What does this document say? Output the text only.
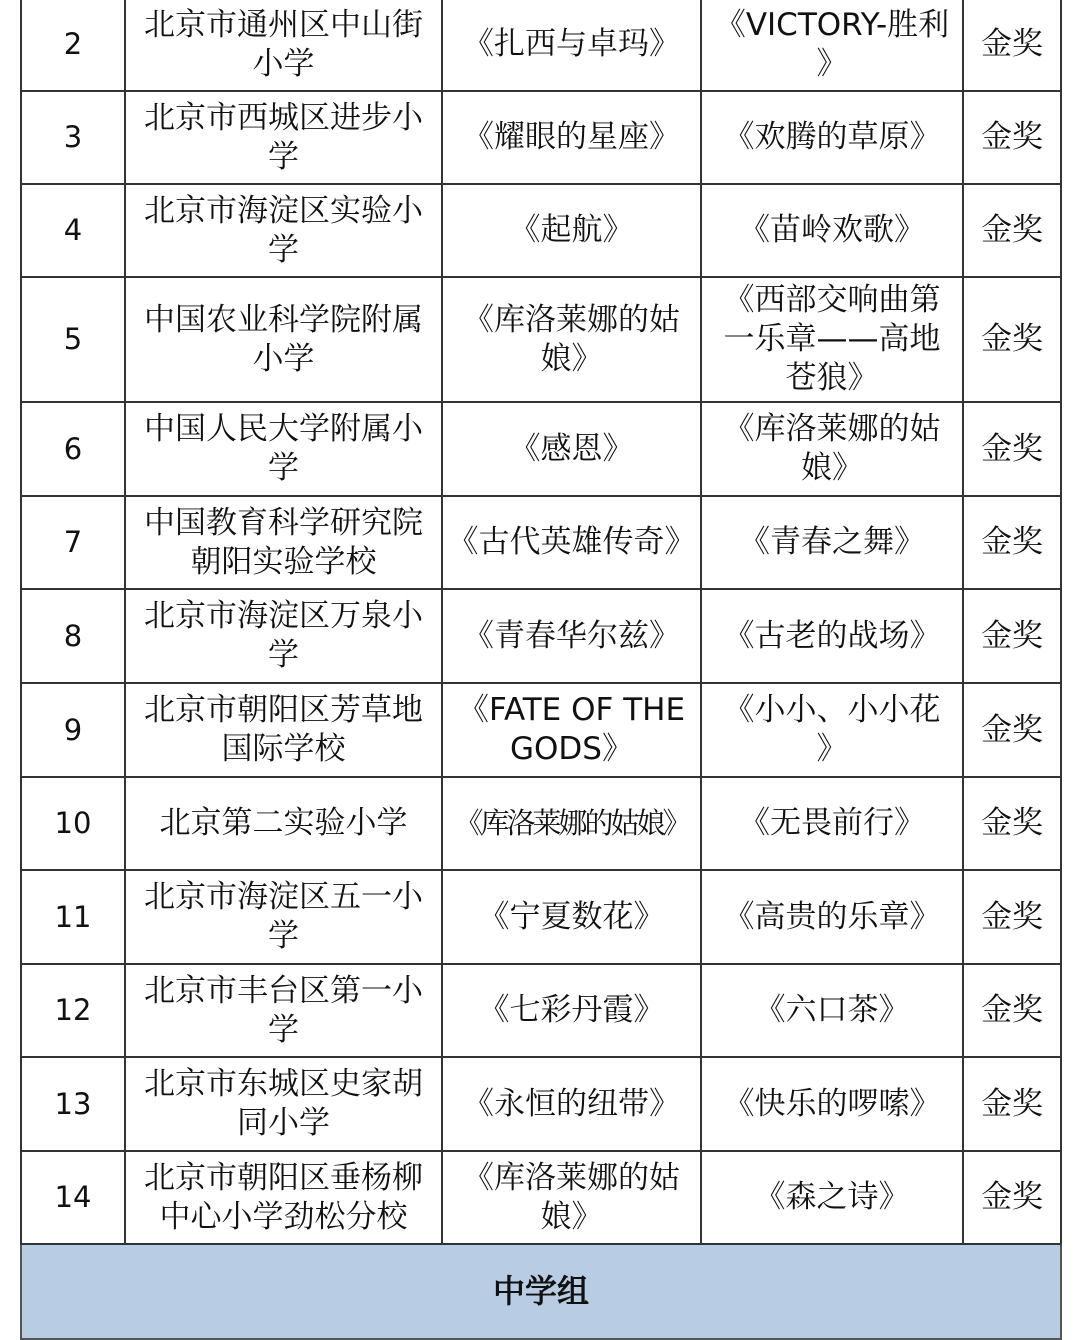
2	北京市通州区中山街
小学	《扎西与卓玛》	《VICTORY-胜利
》	金奖
3	北京市西城区进步小
学	《耀眼的星座》	《欢腾的草原》	金奖
4	北京市海淀区实验小
学	《起航》	《苗岭欢歌》	金奖
5	中国农业科学院附属
小学	《库洛莱娜的姑
娘》	《西部交响曲第
一乐章——高地
苍狼》	金奖
6	中国人民大学附属小
学	《感恩》	《库洛莱娜的姑
娘》	金奖
7	中国教育科学研究院
朝阳实验学校	《古代英雄传奇》	《青春之舞》	金奖
8	北京市海淀区万泉小
学	《青春华尔兹》	《古老的战场》	金奖
9	北京市朝阳区芳草地
国际学校	《FATE OF THE
GODS》	《小小、小小花
》	金奖
10	北京第二实验小学	《库洛莱娜的姑娘》	《无畏前行》	金奖
11	北京市海淀区五一小
学	《宁夏数花》	《高贵的乐章》	金奖
12	北京市丰台区第一小
学	《七彩丹霞》	《六口茶》	金奖
13	北京市东城区史家胡
同小学	《永恒的纽带》	《快乐的啰嗦》	金奖
14	北京市朝阳区垂杨柳
中心小学劲松分校	《库洛莱娜的姑
娘》	《森之诗》	金奖
中学组				
